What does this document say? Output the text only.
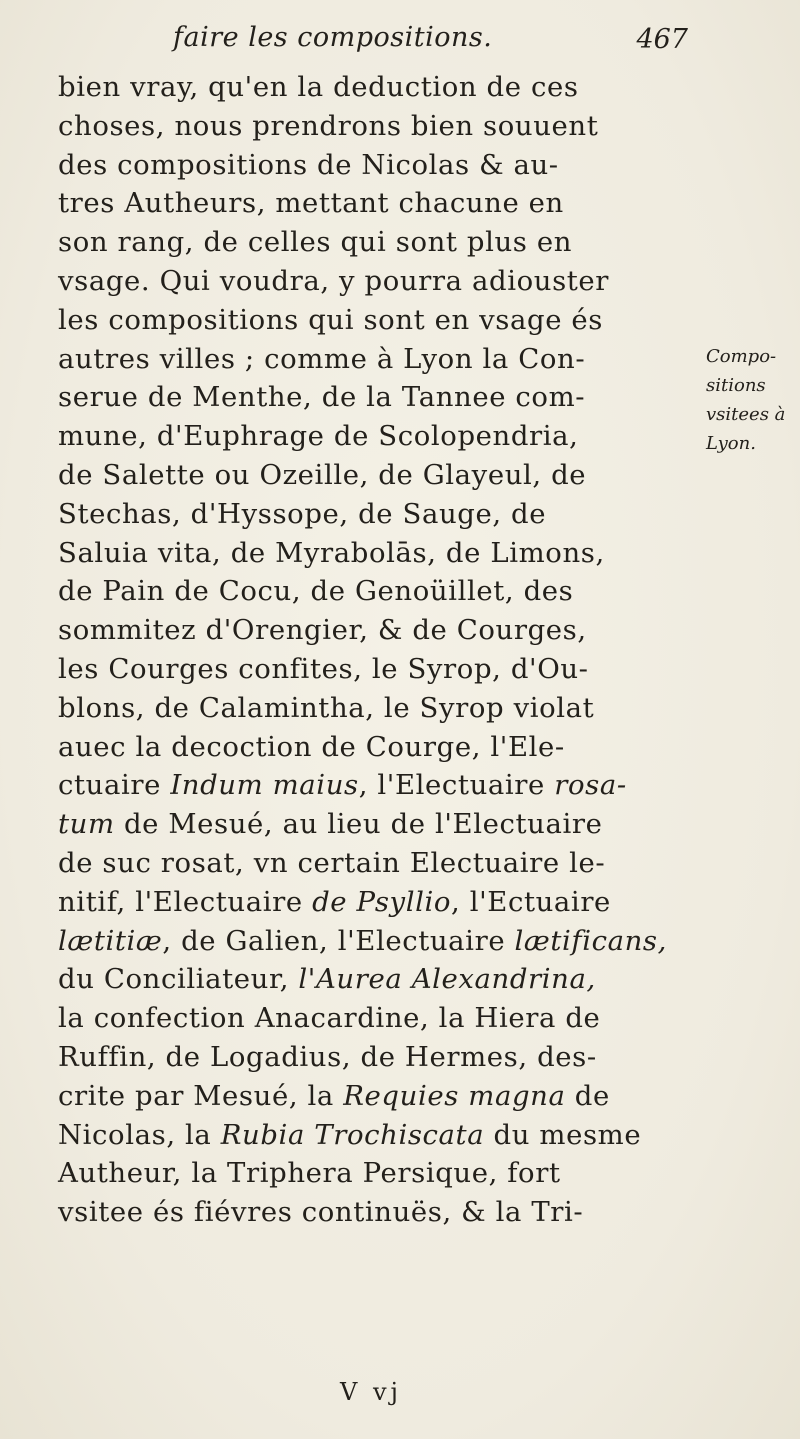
faire les compositions.	467
bien vray, qu'en la deduction de ces
choses, nous prendrons bien souuent
des compositions de Nicolas & au-
tres Autheurs, mettant chacune en
son rang, de celles qui sont plus en
vsage. Qui voudra, y pourra adiouster
les compositions qui sont en vsage és
autres villes ; comme à Lyon la Con-
serue de Menthe, de la Tannee com-
mune, d'Euphrage de Scolopendria,
de Salette ou Ozeille, de Glayeul, de
Stechas, d'Hyssope, de Sauge, de
Saluia vita, de Myrabolās, de Limons,
de Pain de Cocu, de Genoüillet, des
sommitez d'Orengier, & de Courges,
les Courges confites, le Syrop, d'Ou-
blons, de Calamintha, le Syrop violat
auec la decoction de Courge, l'Ele-
ctuaire Indum maius, l'Electuaire rosa-
tum de Mesué, au lieu de l'Electuaire
de suc rosat, vn certain Electuaire le-
nitif, l'Electuaire de Psyllio, l'Ectuaire
lætitiæ, de Galien, l'Electuaire lætificans,
du Conciliateur, l'Aurea Alexandrina,
la confection Anacardine, la Hiera de
Ruffin, de Logadius, de Hermes, des-
crite par Mesué, la Requies magna de
Nicolas, la Rubia Trochiscata du mesme
Autheur, la Triphera Persique, fort
vsitee és fiévres continuës, & la Tri-
Compo-
sitions
vsitees à
Lyon.
V vj
